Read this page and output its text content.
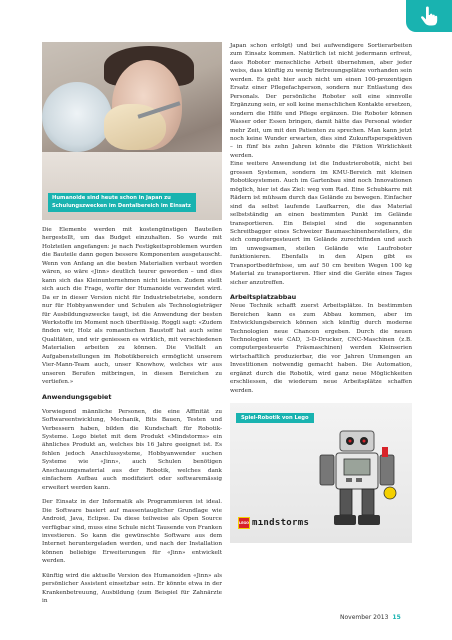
Humanoide sind heute schon in Japan zu Schulungszwecken im Dentalbereich im Einsatz

Die Elemente werden mit kostengünstigen Bauteilen hergestellt, um das Budget einzuhalten. So wurde mit Holzteilen angefangen: je nach Festigkeitsproblemen wurden die Bauteile dann gegen bessere Komponenten ausgetauscht. Wenn von Anfang an die besten Materialien verbaut worden wären, so wäre «Jinn» deutlich teurer geworden – und dies kann sich das Kleinunternehmen nicht leisten. Zudem stellt sich auch die Frage, wofür der Humanoide verwendet wird. Da er in dieser Version nicht für Industriebetriebe, sondern nur für Hobbyanwender und Schulen als Technologieträger für Ausbildungszwecke taugt, ist die Anwendung der besten Werkstoffe im Moment noch überflüssig. Roggli sagt: «Zudem finden wir, Holz als romantischen Baustoff hat auch seine Qualitäten, und wir geniessen es wirklich, mit verschiedenen Materialien arbeiten zu können. Die Vielfalt an Aufgabenstellungen im Robotikbereich ermöglicht unserem Vier-Mann-Team auch, unser Knowhow, welches wir aus unseren Berufen mitbringen, in diesen Bereichen zu vertiefen.»

Anwendungsgebiet

Vorwiegend männliche Personen, die eine Affinität zu Softwareentwicklung, Mechanik, Bits Bauen, Testen und Verbessern haben, bilden die Kundschaft für Robotik-Systeme. Lego bietet mit dem Produkt «Mindstorms» ein ähnliches Produkt an, welches bis 16 Jahre geeignet ist. Es fehlen jedoch Anschlussysteme, Hobbyanwender suchen Systeme wie «Jinn», auch Schulen benötigen Anschauungsmaterial aus der Robotik, welches dank einfachem Aufbau auch modifiziert oder softwaremässig erweitert werden kann.

Der Einsatz in der Informatik als Programmieren ist ideal. Die Software basiert auf massentauglicher Grundlage wie Android, Java, Eclipse. Da diese teilweise als Open Source verfügbar sind, muss eine Schule nicht Tausende von Franken investieren. So kann die gewünschte Software aus dem Internet heruntergeladen werden, und nach der Installation können beliebige Erweiterungen für «Jinn» entwickelt werden.

Künftig wird die aktuelle Version des Humanoiden «Jinn» als persönlicher Assistent einsetzbar sein. Er könnte etwa in der Krankenbetreuung, Ausbildung (zum Beispiel für Zahnärzte in

Japan schon erfolgt) und bei aufwendigere Sortierarbeiten zum Einsatz kommen. Natürlich ist nicht jedermann erfreut, dass Roboter menschliche Arbeit übernehmen, aber jeder weiss, dass künftig zu wenig Betreuungsplätze vorhanden sein werden. Es geht hier auch nicht um einen 100-prozentigen Ersatz einer Pflegefachperson, sondern nur Entlastung des Personals. Der persönliche Roboter soll eine sinnvolle Ergänzung sein, er soll keine menschlichen Kontakte ersetzen, sondern die Hilfe und Pflege ergänzen. Die Roboter können Wasser oder Essen bringen, damit hätte das Personal wieder mehr Zeit, um mit den Patienten zu sprechen. Man kann jetzt noch keine Wunder erwarten, dies sind Zukunftsperspektiven – in fünf bis zehn Jahren könnte die Fiktion Wirklichkeit werden.

Eine weitere Anwendung ist die Industrierobotik, nicht bei grossen Systemen, sondern im KMU-Bereich mit kleinen Robotiksystemen. Auch im Gartenbau sind noch Innovationen möglich, hier ist das Ziel: weg vom Rad. Eine Schubkarre mit Rädern ist mühsam durch das Gelände zu bewegen. Einfacher sind da selbst laufende Laufkarren, die das Material selbstständig an einen bestimmten Punkt im Gelände transportieren. Ein Beispiel sind die sogenannten Schreitbagger eines Schweizer Baumaschinenherstellers, die sich computergesteuert im Gelände zurechtfinden und auch im unwegsamen, steilen Gelände wie Laufroboter funktionieren. Ebenfalls in den Alpen gibt es Transportbedürfnisse, um auf 50 cm breiten Wegen 100 kg Material zu transportieren. Hier sind die Geräte eines Tages sicher anzutreffen.

Arbeitsplatzabbau

Neue Technik schafft zuerst Arbeitsplätze. In bestimmten Bereichen kann es zum Abbau kommen, aber im Entwicklungsbereich können sich künftig durch moderne Technologien neue Chancen ergeben. Durch die neuen Technologien wie CAD, 3-D-Drucker, CNC-Maschinen (z.B. computergesteuerte Fräsmaschinen) werden Kleinserien wirtschaftlich produzierbar, die vor Jahren Unmengen an Investitionen notwendig gemacht haben. Die Automation, ergänzt durch die Robotik, wird ganz neue Möglichkeiten erschliessen, die wiederum neue Arbeitsplätze schaffen werden.

Spiel-Robotik von Lego
LEGO mındstorms
November 2013 15
